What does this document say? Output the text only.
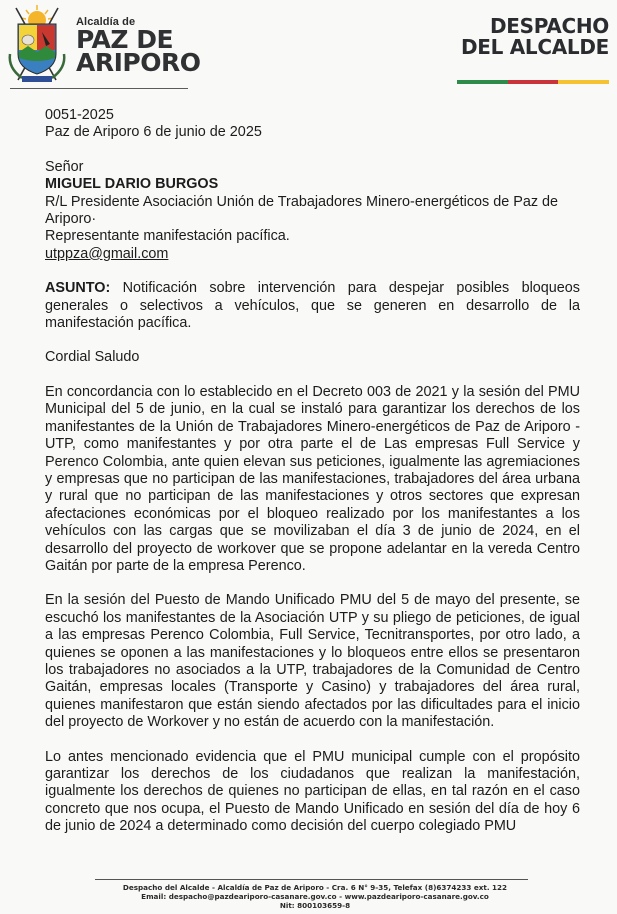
Alcaldía de
PAZ DE
ARIPORO
DESPACHO
DEL ALCALDE

0051-2025

Paz de Ariporo 6 de junio de 2025

Señor

MIGUEL DARIO BURGOS

R/L Presidente Asociación Unión de Trabajadores Minero-energéticos de Paz de

Ariporo·

Representante manifestación pacífica.

utppza@gmail.com

ASUNTO: Notificación sobre intervención para despejar posibles bloqueos generales o selectivos a vehículos, que se generen en desarrollo de la manifestación pacífica.

Cordial Saludo

En concordancia con lo establecido en el Decreto 003 de 2021 y la sesión del PMU Municipal del 5 de junio, en la cual se instaló para garantizar los derechos de los manifestantes de la Unión de Trabajadores Minero-energéticos de Paz de Ariporo - UTP, como manifestantes y por otra parte el de Las empresas Full Service y Perenco Colombia, ante quien elevan sus peticiones, igualmente las agremiaciones y empresas que no participan de las manifestaciones, trabajadores del área urbana y rural que no participan de las manifestaciones y otros sectores que expresan afectaciones económicas por el bloqueo realizado por los manifestantes a los vehículos con las cargas que se movilizaban el día 3 de junio de 2024, en el desarrollo del proyecto de workover que se propone adelantar en la vereda Centro Gaitán por parte de la empresa Perenco.

En la sesión del Puesto de Mando Unificado PMU del 5 de mayo del presente, se escuchó los manifestantes de la Asociación UTP y su pliego de peticiones, de igual a las empresas Perenco Colombia, Full Service, Tecnitransportes, por otro lado, a quienes se oponen a las manifestaciones y lo bloqueos entre ellos se presentaron los trabajadores no asociados a la UTP, trabajadores de la Comunidad de Centro Gaitán, empresas locales (Transporte y Casino) y trabajadores del área rural, quienes manifestaron que están siendo afectados por las dificultades para el inicio del proyecto de Workover y no están de acuerdo con la manifestación.

Lo antes mencionado evidencia que el PMU municipal cumple con el propósito garantizar los derechos de los ciudadanos que realizan la manifestación, igualmente los derechos de quienes no participan de ellas, en tal razón en el caso concreto que nos ocupa, el Puesto de Mando Unificado en sesión del día de hoy 6 de junio de 2024 a determinado como decisión del cuerpo colegiado PMU

Despacho del Alcalde - Alcaldía de Paz de Ariporo - Cra. 6 N° 9-35, Telefax (8)6374233 ext. 122
Email: despacho@pazdeariporo-casanare.gov.co - www.pazdeariporo-casanare.gov.co
Nit: 800103659-8
